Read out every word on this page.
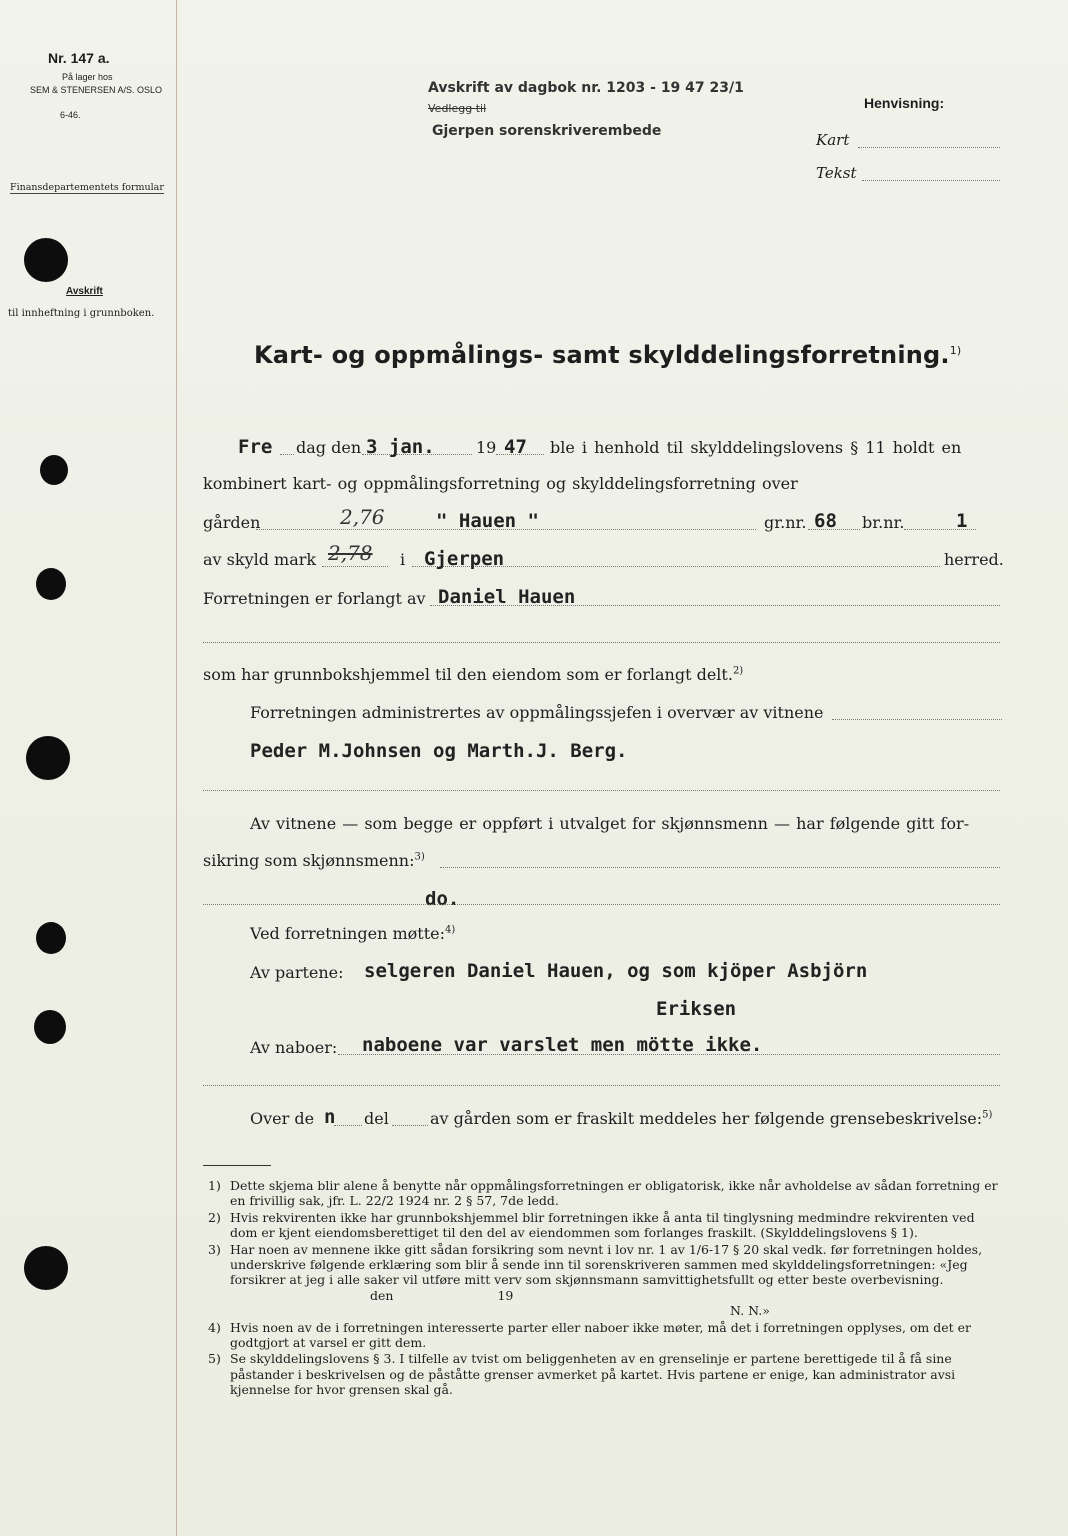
Nr. 147 a.
På lager hos
SEM & STENERSEN A/S. OSLO
6-46.
Finansdepartementets formular
Avskrift
til innheftning i grunnboken.
Avskrift av dagbok nr. 1203 - 19 47 23/1
Vedlegg til
Gjerpen sorenskriverembede
Henvisning:
Kart
Tekst
Kart- og oppmålings- samt skylddelingsforretning.$^{1)}$
Fre dag den 3 jan.	19 47 ble i henhold til skylddelingslovens § 11 holdt en
kombinert kart- og oppmålingsforretning og skylddelingsforretning over
gården	2,76	" Hauen "	gr.nr. 68 br.nr.	1
av skyld mark 2,78 i Gjerpen	herred.
Forretningen er forlangt av Daniel Hauen
som har grunnbokshjemmel til den eiendom som er forlangt delt.$^{2)}$
Forretningen administrertes av oppmålingssjefen i overvær av vitnene
Peder M.Johnsen og Marth.J. Berg.
Av vitnene — som begge er oppført i utvalget for skjønnsmenn — har følgende gitt for-
sikring som skjønnsmenn:$^{3)}$
do.
Ved forretningen møtte:$^{4)}$
Av partene: selgeren Daniel Hauen, og som kjöper Asbjörn
Eriksen
Av naboer: naboene var varslet men mötte ikke.
Over de n del	av gården som er fraskilt meddeles her følgende grensebeskrivelse:$^{5)}$
1) Dette skjema blir alene å benytte når oppmålingsforretningen er obligatorisk, ikke når avholdelse av sådan forretning er en frivillig sak, jfr. L. 22/2 1924 nr. 2 § 57, 7de ledd.
2) Hvis rekvirenten ikke har grunnbokshjemmel blir forretningen ikke å anta til tinglysning medmindre rekvirenten ved dom er kjent eiendomsberettiget til den del av eiendommen som forlanges fraskilt. (Skylddelingslovens § 1).
3) Har noen av mennene ikke gitt sådan forsikring som nevnt i lov nr. 1 av 1/6-17 § 20 skal vedk. før forretningen holdes, underskrive følgende erklæring som blir å sende inn til sorenskriveren sammen med skylddelingsforretningen: «Jeg forsikrer at jeg i alle saker vil utføre mitt verv som skjønnsmann samvittighetsfullt og etter beste overbevisning. den	19
N. N.»
4) Hvis noen av de i forretningen interesserte parter eller naboer ikke møter, må det i forretningen opplyses, om det er godtgjort at varsel er gitt dem.
5) Se skylddelingslovens § 3. I tilfelle av tvist om beliggenheten av en grenselinje er partene berettigede til å få sine påstander i beskrivelsen og de påståtte grenser avmerket på kartet. Hvis partene er enige, kan administrator avsi kjennelse for hvor grensen skal gå.
